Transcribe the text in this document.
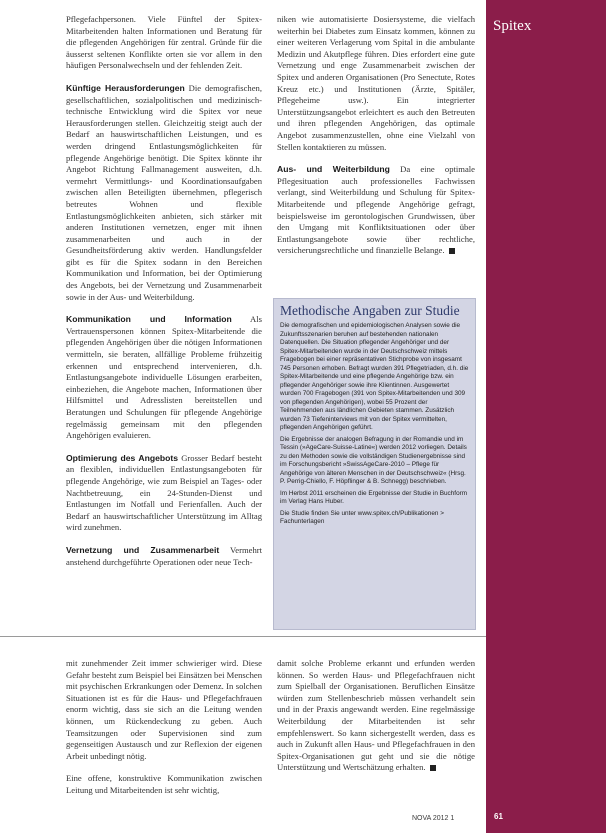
Spitex

Pflegefachpersonen. Viele Fünftel der Spitex-Mitarbeitenden halten Informationen und Beratung für die pflegenden Angehörigen für zentral. Gründe für die äusserst seltenen Konflikte orten sie vor allem in den häufigen Personalwechseln und der fehlenden Zeit.

Künftige Herausforderungen Die demografischen, gesellschaftlichen, sozialpolitischen und medizinisch-technische Entwicklung wird die Spitex vor neue Herausforderungen stellen. Gleichzeitig steigt auch der Bedarf an hauswirtschaftlichen Leistungen, und es werden dringend Entlastungsmöglichkeiten für pflegende Angehörige benötigt. Die Spitex könnte ihr Angebot Richtung Fallmanagement ausweiten, d.h. vermehrt Vermittlungs- und Koordinationsaufgaben zwischen allen Beteiligten übernehmen, pflegerisch betreutes Wohnen und flexible Entlastungsmöglichkeiten anbieten, sich stärker mit anderen Institutionen vernetzen, enger mit ihnen zusammenarbeiten und auch in der Gesundheitsförderung aktiv werden. Handlungsfelder gibt es für die Spitex sodann in den Bereichen Kommunikation und Information, bei der Optimierung des Angebots, bei der Vernetzung und Zusammenarbeit sowie in der Aus- und Weiterbildung.

Kommunikation und Information Als Vertrauenspersonen können Spitex-Mitarbeitende die pflegenden Angehörigen über die nötigen Informationen vermitteln, sie beraten, allfällige Probleme frühzeitig erkennen und entsprechend intervenieren, d.h. Entlastungsangebote individuelle Lösungen erarbeiten, einbeziehen, die Angebote machen, Informationen über Hilfsmittel und Adresslisten bereitstellen und Beratungen und Schulungen für pflegende Angehörige regelmässig gemeinsam mit den pflegenden Angehörigen evaluieren.

Optimierung des Angebots Grosser Bedarf besteht an flexiblen, individuellen Entlastungsangeboten für pflegende Angehörige, wie zum Beispiel an Tages- oder Nachtbetreuung, ein 24-Stunden-Dienst und Entlastungen im Notfall und Ferienfallen. Auch der Bedarf an hauswirtschaftlicher Unterstützung im Alltag wird zunehmen.

Vernetzung und Zusammenarbeit Vermehrt anstehend durchgeführte Operationen oder neue Tech-

niken wie automatisierte Dosiersysteme, die vielfach weiterhin bei Diabetes zum Einsatz kommen, können zu einer weiteren Verlagerung vom Spital in die ambulante Medizin und Akutpflege führen. Dies erfordert eine gute Vernetzung und enge Zusammenarbeit zwischen der Spitex und anderen Organisationen (Pro Senectute, Rotes Kreuz etc.) und Institutionen (Ärzte, Spitäler, Pflegeheime usw.). Ein integrierter Unterstützungsangebot erleichtert es auch den Betreuten und ihren pflegenden Angehörigen, das optimale Angebot zusammenzustellen, ohne eine Vielzahl von Stellen kontaktieren zu müssen.

Aus- und Weiterbildung Da eine optimale Pflegesituation auch professionelles Fachwissen verlangt, sind Weiterbildung und Schulung für Spitex-Mitarbeitende und pflegende Angehörige gefragt, beispielsweise im gerontologischen Grundwissen, über den Umgang mit Konfliktsituationen oder über Entlastungsangebote sowie über rechtliche, versicherungsrechtliche und finanzielle Belange.

Methodische Angaben zur Studie

Die demografischen und epidemiologischen Analysen sowie die Zukunftsszenarien beruhen auf bestehenden nationalen Datenquellen. Die Situation pflegender Angehöriger und der Spitex-Mitarbeitenden wurde in der Deutschschweiz mittels Fragebogen bei einer repräsentativen Stichprobe von insgesamt 745 Personen erhoben. Befragt wurden 391 Pflegetriaden, d.h. die Spitex-Mitarbeitende und eine pflegende Angehörige bzw. ein pflegender Angehöriger sowie ihre Klientinnen. Ausgewertet wurden 700 Fragebogen (391 von Spitex-Mitarbeitenden und 309 von pflegenden Angehörigen), wobei 55 Prozent der Teilnehmenden aus ländlichen Gebieten stammen. Zusätzlich wurden 73 Tiefeninterviews mit von der Spitex vermittelten, pflegenden Angehörigen geführt.

Die Ergebnisse der analogen Befragung in der Romandie und im Tessin (»AgeCare-Suisse-Latine«) werden 2012 vorliegen. Details zu den Methoden sowie die vollständigen Studienergebnisse sind im Forschungsbericht »SwissAgeCare-2010 – Pflege für Angehörige von älteren Menschen in der Deutschschweiz« (Hrsg. P. Perrig-Chiello, F. Höpflinger & B. Schnegg) beschrieben.

Im Herbst 2011 erscheinen die Ergebnisse der Studie in Buchform im Verlag Hans Huber.

Die Studie finden Sie unter www.spitex.ch/Publikationen > Fachunterlagen

mit zunehmender Zeit immer schwieriger wird. Diese Gefahr besteht zum Beispiel bei Einsätzen bei Menschen mit psychischen Erkrankungen oder Demenz. In solchen Situationen ist es für die Haus- und Pflegefachfrauen enorm wichtig, dass sie sich an die Leitung wenden können, um Rückendeckung zu geben. Auch Teamsitzungen oder Supervisionen sind zum gegenseitigen Austausch und zur Reflexion der eigenen Arbeit unbedingt nötig.

Eine offene, konstruktive Kommunikation zwischen Leitung und Mitarbeitenden ist sehr wichtig,

damit solche Probleme erkannt und erfunden werden können. So werden Haus- und Pflegefachfrauen nicht zum Spielball der Organisationen. Beruflichen Einsätze würden zum Stellenbeschrieb müssen verhandelt sein und in der Praxis angewandt werden. Eine regelmässige Weiterbildung der Mitarbeitenden ist sehr empfehlenswert. So kann sichergestellt werden, dass es auch in Zukunft allen Haus- und Pflegefachfrauen in den Spitex-Organisationen gut geht und sie die nötige Unterstützung und Wertschätzung erhalten.

NOVA 2012 1	61
